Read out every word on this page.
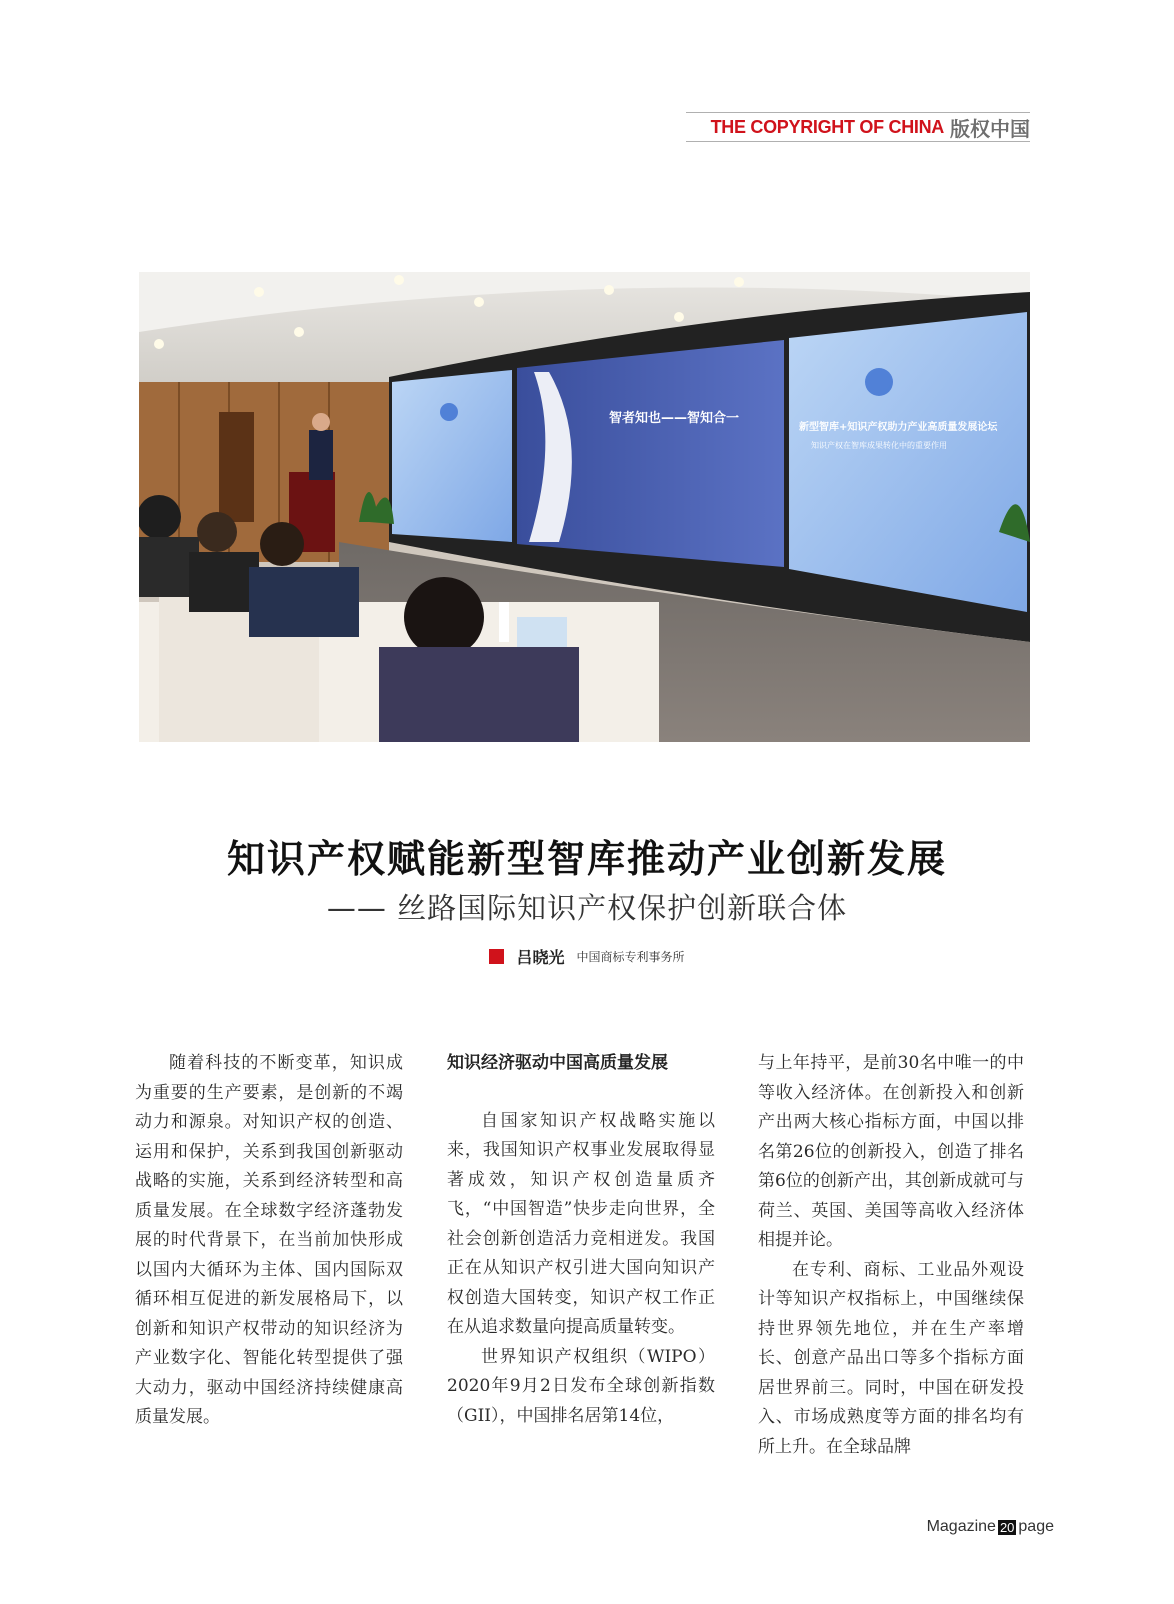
THE COPYRIGHT OF CHINA 版权中国
智者知也——智知合一
新型智库+知识产权助力产业高质量发展论坛
知识产权在智库成果转化中的重要作用
知识产权赋能新型智库推动产业创新发展
—— 丝路国际知识产权保护创新联合体
吕晓光 中国商标专利事务所

随着科技的不断变革，知识成为重要的生产要素，是创新的不竭动力和源泉。对知识产权的创造、运用和保护，关系到我国创新驱动战略的实施，关系到经济转型和高质量发展。在全球数字经济蓬勃发展的时代背景下，在当前加快形成以国内大循环为主体、国内国际双循环相互促进的新发展格局下，以创新和知识产权带动的知识经济为产业数字化、智能化转型提供了强大动力，驱动中国经济持续健康高质量发展。

知识经济驱动中国高质量发展

自国家知识产权战略实施以来，我国知识产权事业发展取得显著成效，知识产权创造量质齐飞，“中国智造”快步走向世界，全社会创新创造活力竞相迸发。我国正在从知识产权引进大国向知识产权创造大国转变，知识产权工作正在从追求数量向提高质量转变。

世界知识产权组织（WIPO）2020年9月2日发布全球创新指数（GII），中国排名居第14位，

与上年持平，是前30名中唯一的中等收入经济体。在创新投入和创新产出两大核心指标方面，中国以排名第26位的创新投入，创造了排名第6位的创新产出，其创新成就可与荷兰、英国、美国等高收入经济体相提并论。

在专利、商标、工业品外观设计等知识产权指标上，中国继续保持世界领先地位，并在生产率增长、创意产品出口等多个指标方面居世界前三。同时，中国在研发投入、市场成熟度等方面的排名均有所上升。在全球品牌

Magazine 20 page
